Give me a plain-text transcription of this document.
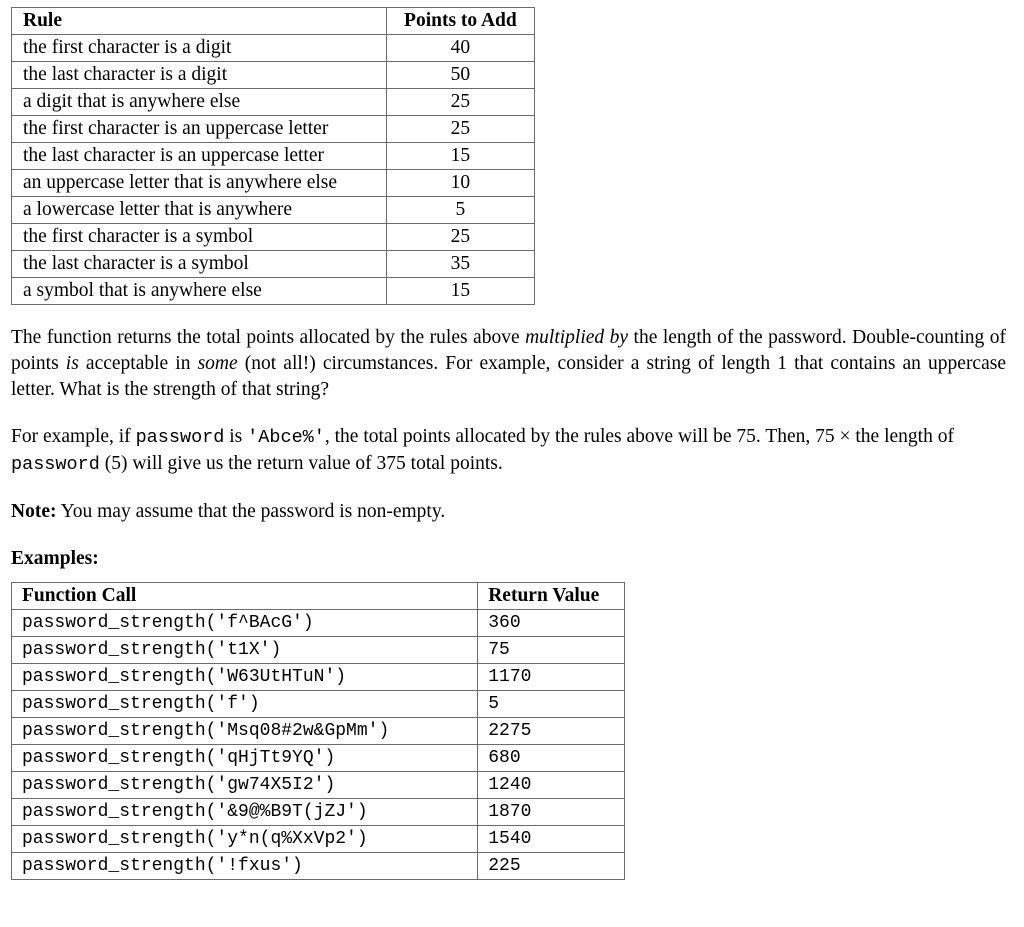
Rule	Points to Add
the first character is a digit	40
the last character is a digit	50
a digit that is anywhere else	25
the first character is an uppercase letter	25
the last character is an uppercase letter	15
an uppercase letter that is anywhere else	10
a lowercase letter that is anywhere	5
the first character is a symbol	25
the last character is a symbol	35
a symbol that is anywhere else	15

The function returns the total points allocated by the rules above multiplied by the length of the password. Double-counting of points is acceptable in some (not all!) circumstances. For example, consider a string of length 1 that contains an uppercase letter. What is the strength of that string?

For example, if password is 'Abce%', the total points allocated by the rules above will be 75. Then, 75 × the length of password (5) will give us the return value of 375 total points.

Note: You may assume that the password is non-empty.

Examples:

Function Call	Return Value
password_strength('f^BAcG')	360
password_strength('t1X')	75
password_strength('W63UtHTuN')	1170
password_strength('f')	5
password_strength('Msq08#2w&GpMm')	2275
password_strength('qHjTt9YQ')	680
password_strength('gw74X5I2')	1240
password_strength('&9@%B9T(jZJ')	1870
password_strength('y*n(q%XxVp2')	1540
password_strength('!fxus')	225
